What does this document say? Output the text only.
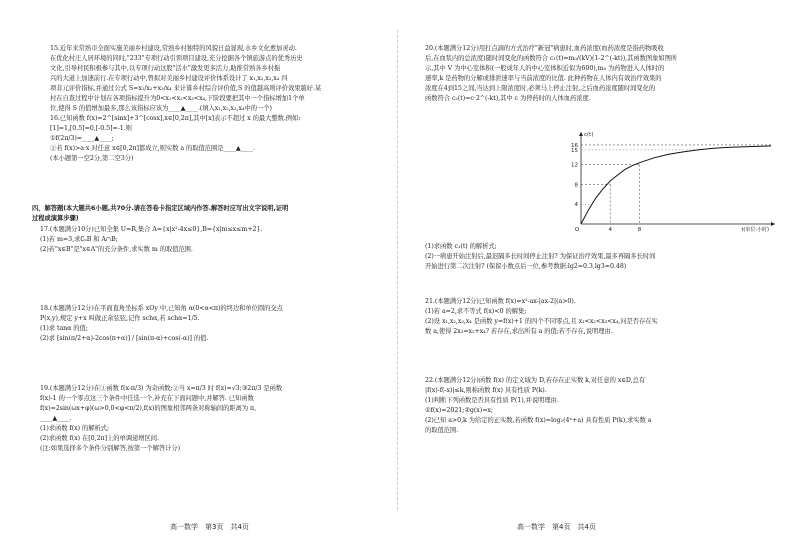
15.近年来常熟市全面实施美丽乡村建设,常熟乡村独特的风貌日益显现,水乡文化愈加灵动.
在优化村庄人居环境的同时,"233"专项行动引领项目建设,充分挖掘各个镇旅游点的优秀历史
文化,引导村民积极参与其中,以专项行动这股"活水"激发更多活力,助推常熟各乡村振
兴的大道上加速前行.在专项行动中,曾拟对美丽乡村建设评价体系设计了 x₁,x₂,x₃,x₄ 四
项非元评价指标,并通过公式 S=x₁/x₂+x₃/x₄ 来计算乡村综合评价值,S 的值越高则评价效果越好.某
村在自查过程中计划在各项指标提升为0<x₁<x₂<x₃<x₄,下阶段要把其中一个指标增加1个单
位,使得 S 的值增加最多,那么该指标应该为____▲____.(填入x₁,x₂,x₃,x₄中的一个)
16.已知函数 f(x)=2^[sinx]+3^[cosx],x∈[0,2π],其中[x]表示不超过 x 的最大整数.例如:
[1]=1,[0.5]=0,[-0.5]=-1.则
①f(2π/3)=____▲____;
②若 f(x)>a·x 对任意 x∈[0,2π]都成立,则实数 a 的取值范围是____▲____.
(本小题第一空2分,第二空3分)
四、解答题(本大题共6小题,共70分.请在答卷卡指定区域内作答.解答时应写出文字说明,证明
过程或演算步骤)
17.(本题满分10分)已知全集 U=R,集合 A={x|x²-4x≤0},B={x|m≤x≤m+2}.
(1)若 m=3,求∁ᵤB 和 A∩B;
(2)若"x∈B"是"x∈A"的充分条件,求实数 m 的取值范围.
18.(本题满分12分)在平面直角坐标系 xOy 中,已知角 α(0<α<π)的终边和单位圆的交点
P(x,y),规定 y+x 叫做正余弦弦,记作 schα,若 schα=1/5.
(1)求 tanα 的值;
(2)求 [sin(π/2+α)-2cos(π+α)] / [sin(π-α)+cos(-α)] 的值.
19.(本题满分12分)在①函数 f(x-π/3) 为奇函数;②当 x=π/3 时 f(x)=√3;③2π/3 是函数
f(x)-1 的一个零点这三个条件中任选一个,补充在下面问题中,并解答. 已知函数
f(x)=2sin(ωx+φ)(ω>0,0<φ<π/2),f(x)的图象相邻两条对称轴间的距离为 π,
____▲____.
(1)求函数 f(x) 的解析式;
(2)求函数 f(x) 在[0,2π]上的单调递增区间.
(注:如果选择多个条件分别解答,按第一个解答计分)
高一数学　第3页　共4页
20.(本题满分12分)用打点滴的方式治疗"新冠"病患时,血药浓度(血药浓度是指药物吸收
后,在血浆内的总浓度)随时间变化的函数符合 c₁(t)=m₀/(kV)(1-2^(-kt)),其函数图象如图所
示,其中 V 为中心室体积(一般成年人的中心室体积近似为600),m₀ 为药物进入人体时的
速率,k 是药物的分解或排泄速率与当前浓度的比值. 此种药物在人体内有效治疗效果的
浓度在4到15之间,当达到上限浓度时,必须马上停止注射,之后血药浓度随时间变化的
函数符合 c₂(t)=c·2^(-kt),其中 c 为停药时的人体血药浓度.
16
15
12
8
4
O	4	8
c(t)
t(单位:小时)
(1)求函数 c₁(t) 的解析式;
(2)一病患开始注射后,最迟隔多长时间停止注射? 为保证治疗效果,最多再隔多长时间
开始进行第二次注射? (保留小数点后一位,参考数据:lg2≈0.3,lg3≈0.48)
21.(本题满分12分)已知函数 f(x)=x²-ax-|ax-2|(a>0).
(1)若 a=2,求不等式 f(x)<0 的解集;
(2)设 x₁,x₂,x₃,x₄ 是函数 y=f(x)+1 的四个不同零点,且 x₁<x₂<x₃<x₄,问是否存在实
数 a,使得 2x₃=x₂+x₄? 若存在,求出所有 a 的值;若不存在,说明理由.
22.(本题满分12分)函数 f(x) 的定义域为 D,若存在正实数 k,对任意的 x∈D,总有
|f(x)-f(-x)|≤k,则称函数 f(x) 具有性质 P(k).
(1)判断下列函数是否具有性质 P(1),并说明理由.
①f(x)=2021;②g(x)=x;
(2)已知 a>0,k 为给定的正实数,若函数 f(x)=log₂(4ˣ+a) 具有性质 P(k),求实数 a
的取值范围.
高一数学　第4页　共4页
